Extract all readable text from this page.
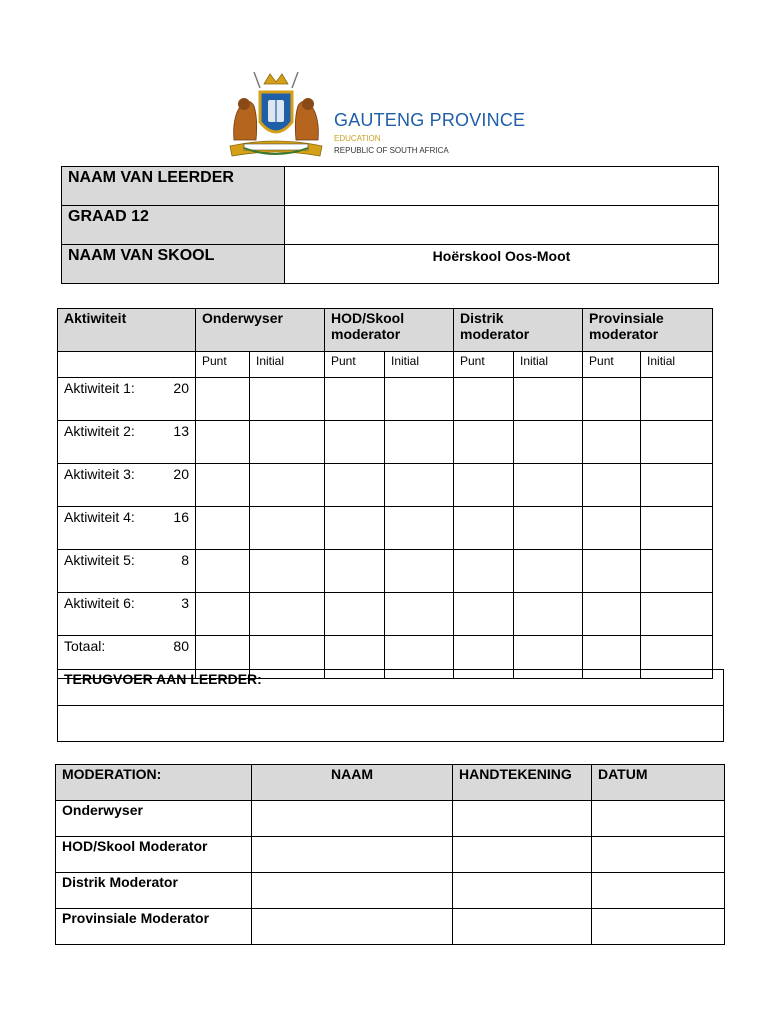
GAUTENG PROVINCE
EDUCATION
REPUBLIC OF SOUTH AFRICA
NAAM VAN LEERDER	
GRAAD 12	
NAAM VAN SKOOL	Hoërskool Oos-Moot
Aktiwiteit	Onderwyser		HOD/Skool moderator		Distrik moderator		Provinsiale moderator	
	Punt	Initial	Punt	Initial	Punt	Initial	Punt	Initial

Aktiwiteit 1: 20								

Aktiwiteit 2: 13								

Aktiwiteit 3: 20								

Aktiwiteit 4: 16								

Aktiwiteit 5: 8								

Aktiwiteit 6: 3								

Totaal: 80								

TERUGVOER AAN LEERDER:

MODERATION:	NAAM	HANDTEKENING	DATUM
Onderwyser			
HOD/Skool Moderator			
Distrik Moderator			
Provinsiale Moderator			
